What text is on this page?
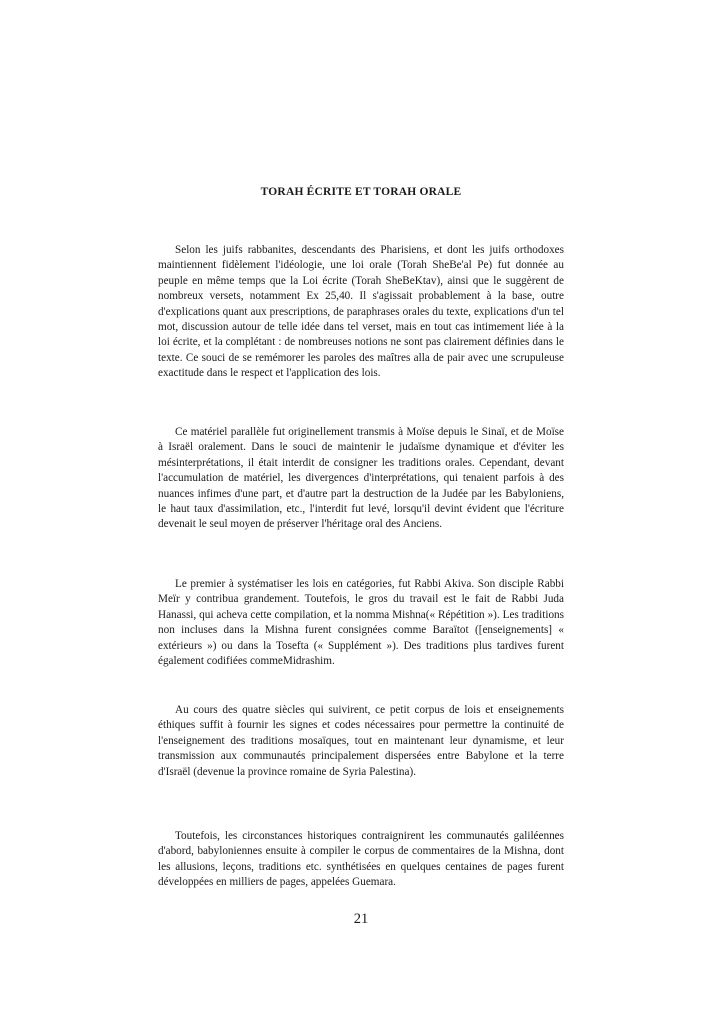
TORAH ÉCRITE ET TORAH ORALE

Selon les juifs rabbanites, descendants des Pharisiens, et dont les juifs orthodoxes maintiennent fidèlement l'idéologie, une loi orale (Torah SheBe'al Pe) fut donnée au peuple en même temps que la Loi écrite (Torah SheBeKtav), ainsi que le suggèrent de nombreux versets, notamment Ex 25,40. Il s'agissait probablement à la base, outre d'explications quant aux prescriptions, de paraphrases orales du texte, explications d'un tel mot, discussion autour de telle idée dans tel verset, mais en tout cas intimement liée à la loi écrite, et la complétant : de nombreuses notions ne sont pas clairement définies dans le texte. Ce souci de se remémorer les paroles des maîtres alla de pair avec une scrupuleuse exactitude dans le respect et l'application des lois.

Ce matériel parallèle fut originellement transmis à Moïse depuis le Sinaï, et de Moïse à Israël oralement. Dans le souci de maintenir le judaïsme dynamique et d'éviter les mésinterprétations, il était interdit de consigner les traditions orales. Cependant, devant l'accumulation de matériel, les divergences d'interprétations, qui tenaient parfois à des nuances infimes d'une part, et d'autre part la destruction de la Judée par les Babyloniens, le haut taux d'assimilation, etc., l'interdit fut levé, lorsqu'il devint évident que l'écriture devenait le seul moyen de préserver l'héritage oral des Anciens.

Le premier à systématiser les lois en catégories, fut Rabbi Akiva. Son disciple Rabbi Meïr y contribua grandement. Toutefois, le gros du travail est le fait de Rabbi Juda Hanassi, qui acheva cette compilation, et la nomma Mishna(« Répétition »). Les traditions non incluses dans la Mishna furent consignées comme Baraïtot ([enseignements] « extérieurs ») ou dans la Tosefta (« Supplément »). Des traditions plus tardives furent également codifiées commeMidrashim.

Au cours des quatre siècles qui suivirent, ce petit corpus de lois et enseignements éthiques suffit à fournir les signes et codes nécessaires pour permettre la continuité de l'enseignement des traditions mosaïques, tout en maintenant leur dynamisme, et leur transmission aux communautés principalement dispersées entre Babylone et la terre d'Israël (devenue la province romaine de Syria Palestina).

Toutefois, les circonstances historiques contraignirent les communautés galiléennes d'abord, babyloniennes ensuite à compiler le corpus de commentaires de la Mishna, dont les allusions, leçons, traditions etc. synthétisées en quelques centaines de pages furent développées en milliers de pages, appelées Guemara.

21
